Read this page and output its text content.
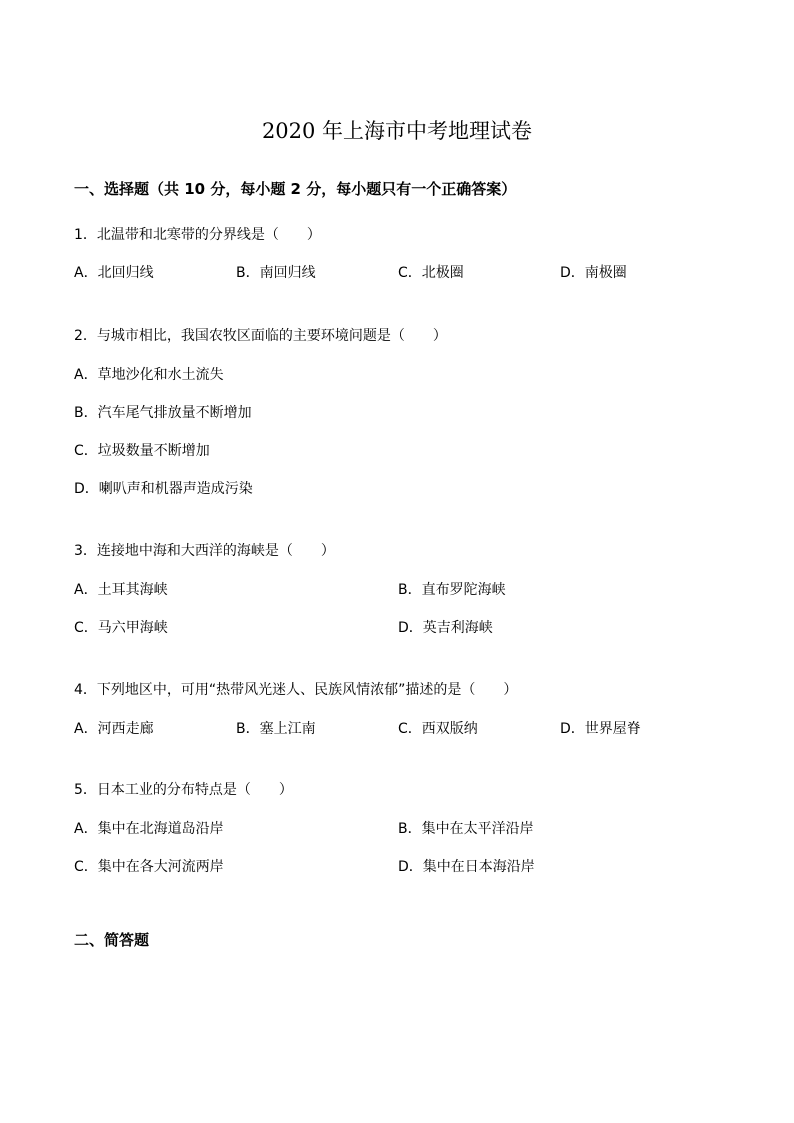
2020 年上海市中考地理试卷
一、选择题（共 10 分，每小题 2 分，每小题只有一个正确答案）
1．北温带和北寒带的分界线是（　　）
A．北回归线	B．南回归线	C．北极圈	D．南极圈
2．与城市相比，我国农牧区面临的主要环境问题是（　　）
A．草地沙化和水土流失
B．汽车尾气排放量不断增加
C．垃圾数量不断增加
D．喇叭声和机器声造成污染
3．连接地中海和大西洋的海峡是（　　）
A．土耳其海峡	B．直布罗陀海峡
C．马六甲海峡	D．英吉利海峡
4．下列地区中，可用“热带风光迷人、民族风情浓郁”描述的是（　　）
A．河西走廊	B．塞上江南	C．西双版纳	D．世界屋脊
5．日本工业的分布特点是（　　）
A．集中在北海道岛沿岸	B．集中在太平洋沿岸
C．集中在各大河流两岸	D．集中在日本海沿岸
二、简答题
